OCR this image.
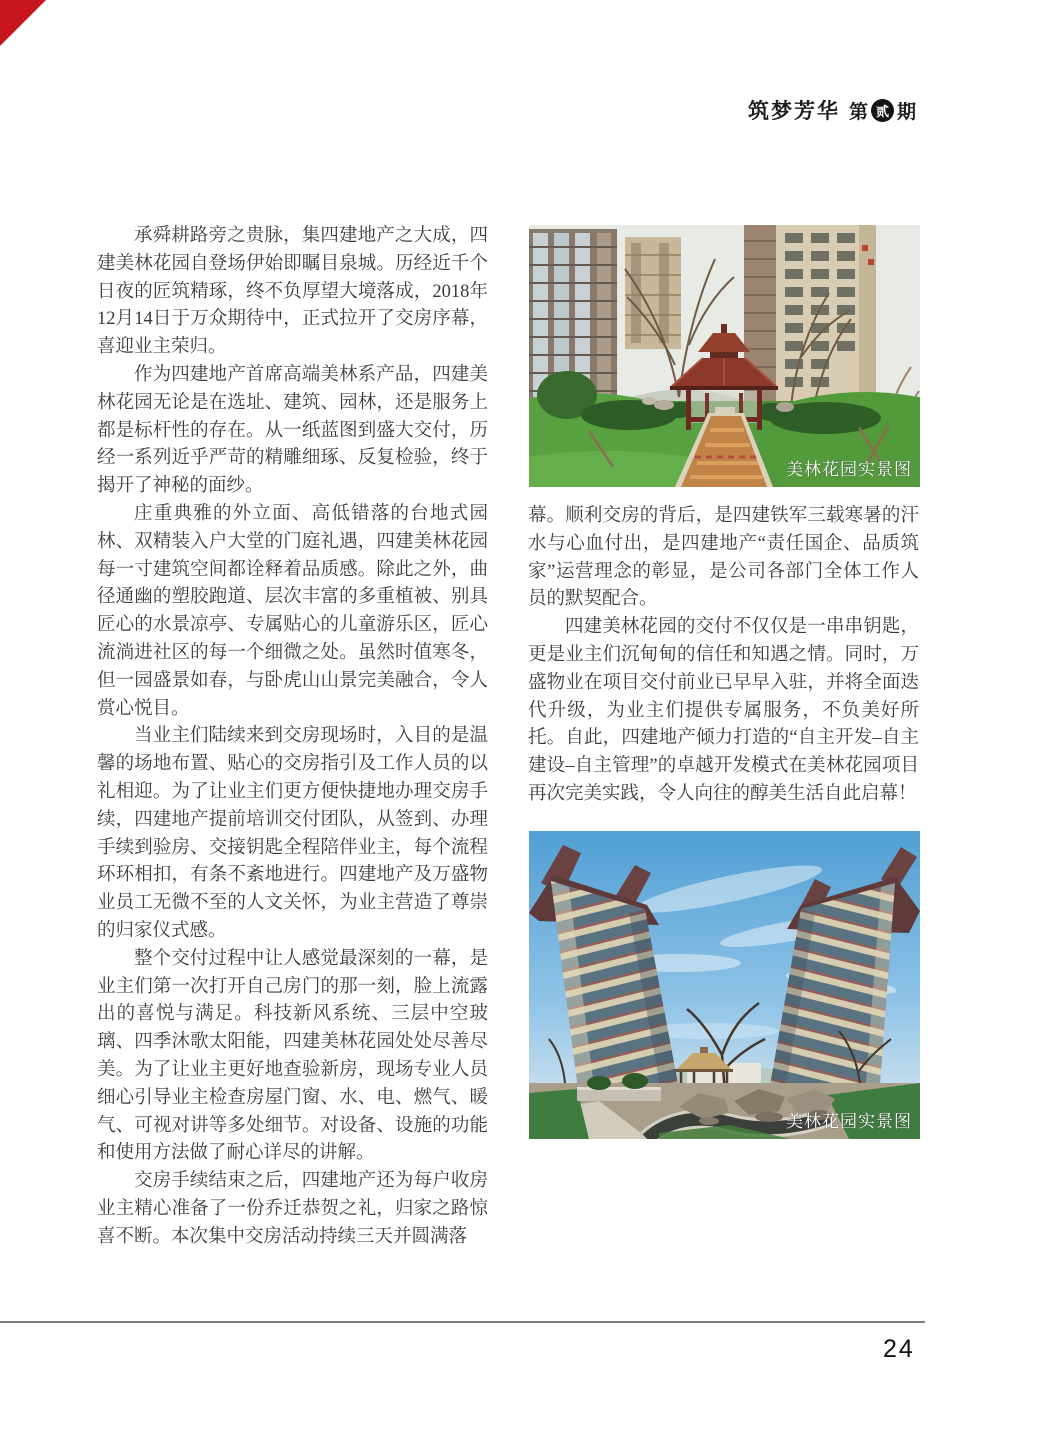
筑梦芳华 第 贰 期

承舜耕路旁之贵脉，集四建地产之大成，四建美林花园自登场伊始即瞩目泉城。历经近千个日夜的匠筑精琢，终不负厚望大境落成，2018年12月14日于万众期待中，正式拉开了交房序幕，喜迎业主荣归。

作为四建地产首席高端美林系产品，四建美林花园无论是在选址、建筑、园林，还是服务上都是标杆性的存在。从一纸蓝图到盛大交付，历经一系列近乎严苛的精雕细琢、反复检验，终于揭开了神秘的面纱。

庄重典雅的外立面、高低错落的台地式园林、双精装入户大堂的门庭礼遇，四建美林花园每一寸建筑空间都诠释着品质感。除此之外，曲径通幽的塑胶跑道、层次丰富的多重植被、别具匠心的水景凉亭、专属贴心的儿童游乐区，匠心流淌进社区的每一个细微之处。虽然时值寒冬，但一园盛景如春，与卧虎山山景完美融合，令人赏心悦目。

当业主们陆续来到交房现场时，入目的是温馨的场地布置、贴心的交房指引及工作人员的以礼相迎。为了让业主们更方便快捷地办理交房手续，四建地产提前培训交付团队，从签到、办理手续到验房、交接钥匙全程陪伴业主，每个流程环环相扣，有条不紊地进行。四建地产及万盛物业员工无微不至的人文关怀，为业主营造了尊崇的归家仪式感。

整个交付过程中让人感觉最深刻的一幕，是业主们第一次打开自己房门的那一刻，脸上流露出的喜悦与满足。科技新风系统、三层中空玻璃、四季沐歌太阳能，四建美林花园处处尽善尽美。为了让业主更好地查验新房，现场专业人员细心引导业主检查房屋门窗、水、电、燃气、暖气、可视对讲等多处细节。对设备、设施的功能和使用方法做了耐心详尽的讲解。

交房手续结束之后，四建地产还为每户收房业主精心准备了一份乔迁恭贺之礼，归家之路惊喜不断。本次集中交房活动持续三天并圆满落

美林花园实景图

幕。顺利交房的背后，是四建铁军三载寒暑的汗水与心血付出，是四建地产“责任国企、品质筑家”运营理念的彰显，是公司各部门全体工作人员的默契配合。

四建美林花园的交付不仅仅是一串串钥匙，更是业主们沉甸甸的信任和知遇之情。同时，万盛物业在项目交付前业已早早入驻，并将全面迭代升级，为业主们提供专属服务，不负美好所托。自此，四建地产倾力打造的“自主开发–自主建设–自主管理”的卓越开发模式在美林花园项目再次完美实践，令人向往的醇美生活自此启幕！

美林花园实景图
24
